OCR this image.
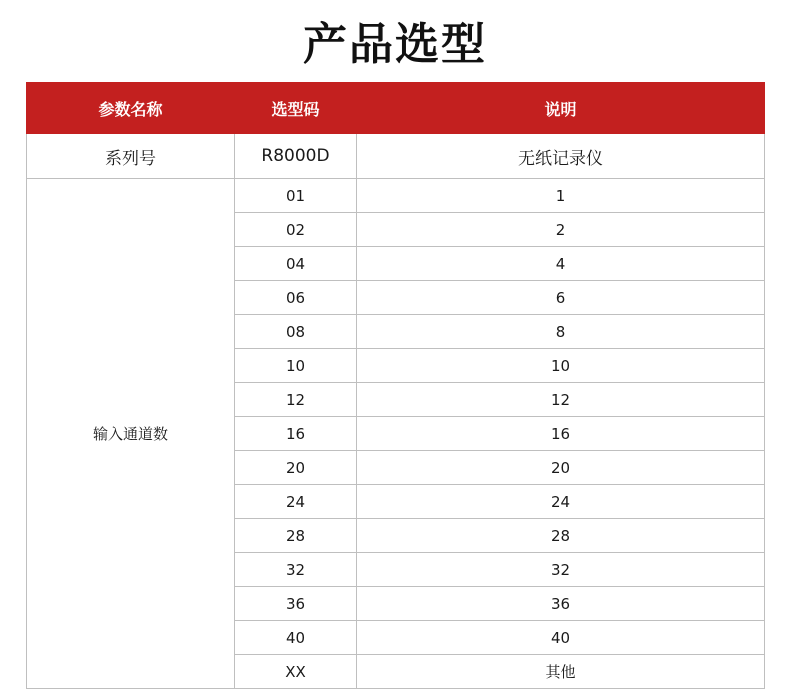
产品选型
参数名称	选型码	说明
系列号	R8000D	无纸记录仪
输入通道数	01	1
	02	2
	04	4
	06	6
	08	8
	10	10
	12	12
	16	16
	20	20
	24	24
	28	28
	32	32
	36	36
	40	40
	XX	其他
